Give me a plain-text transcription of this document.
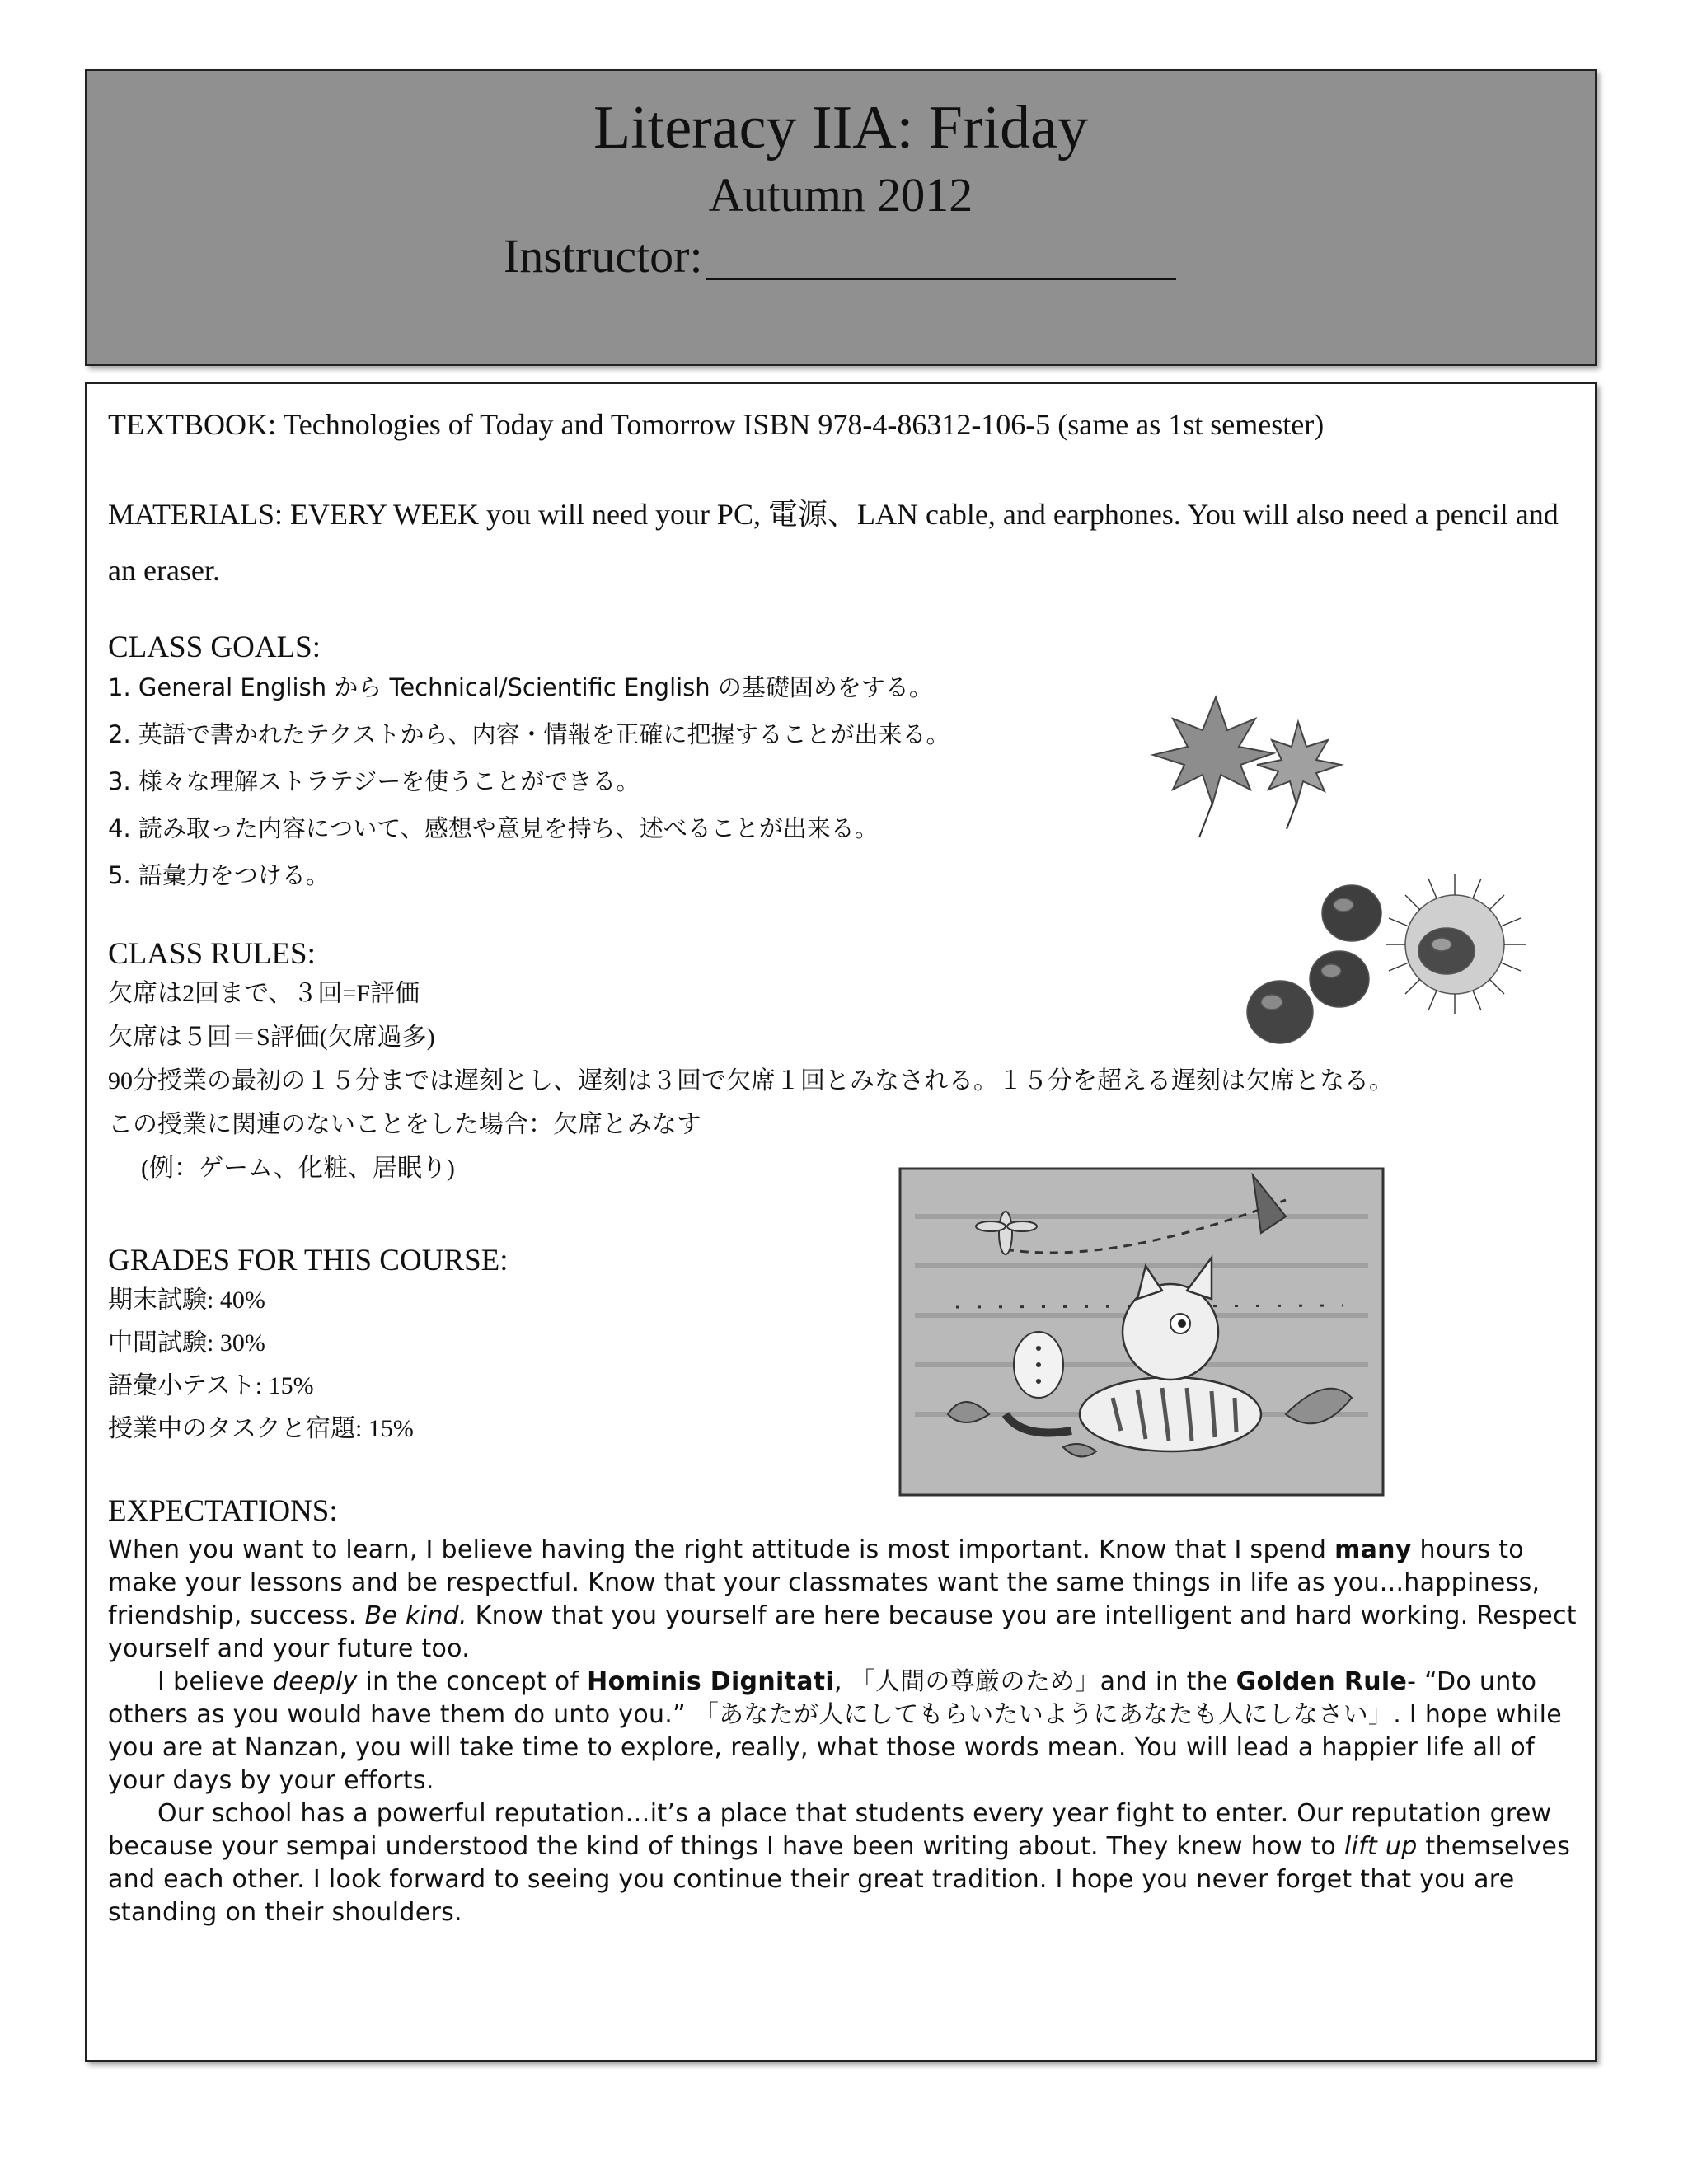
Literacy IIA: Friday
Autumn 2012
Instructor:
TEXTBOOK: Technologies of Today and Tomorrow ISBN 978-4-86312-106-5 (same as 1st semester)
MATERIALS: EVERY WEEK you will need your PC, 電源、LAN cable, and earphones. You will also need a pencil and an eraser.
CLASS GOALS:
1. General English から Technical/Scientific English の基礎固めをする。
2. 英語で書かれたテクストから、内容・情報を正確に把握することが出来る。
3. 様々な理解ストラテジーを使うことができる。
4. 読み取った内容について、感想や意見を持ち、述べることが出来る。
5. 語彙力をつける。
CLASS RULES:
欠席は2回まで、３回=F評価
欠席は５回＝S評価(欠席過多)
90分授業の最初の１５分までは遅刻とし、遅刻は３回で欠席１回とみなされる。１５分を超える遅刻は欠席となる。
この授業に関連のないことをした場合：欠席とみなす
(例：ゲーム、化粧、居眠り)
GRADES FOR THIS COURSE:
期末試験: 40%
中間試験: 30%
語彙小テスト: 15%
授業中のタスクと宿題: 15%
EXPECTATIONS:

When you want to learn, I believe having the right attitude is most important. Know that I spend many hours to make your lessons and be respectful. Know that your classmates want the same things in life as you...happiness, friendship, success. Be kind. Know that you yourself are here because you are intelligent and hard working. Respect yourself and your future too.

I believe deeply in the concept of Hominis Dignitati, 「人間の尊厳のため」and in the Golden Rule- “Do unto others as you would have them do unto you.” 「あなたが人にしてもらいたいようにあなたも人にしなさい」. I hope while you are at Nanzan, you will take time to explore, really, what those words mean. You will lead a happier life all of your days by your efforts.

Our school has a powerful reputation…it’s a place that students every year fight to enter. Our reputation grew because your sempai understood the kind of things I have been writing about. They knew how to lift up themselves and each other. I look forward to seeing you continue their great tradition. I hope you never forget that you are standing on their shoulders.
